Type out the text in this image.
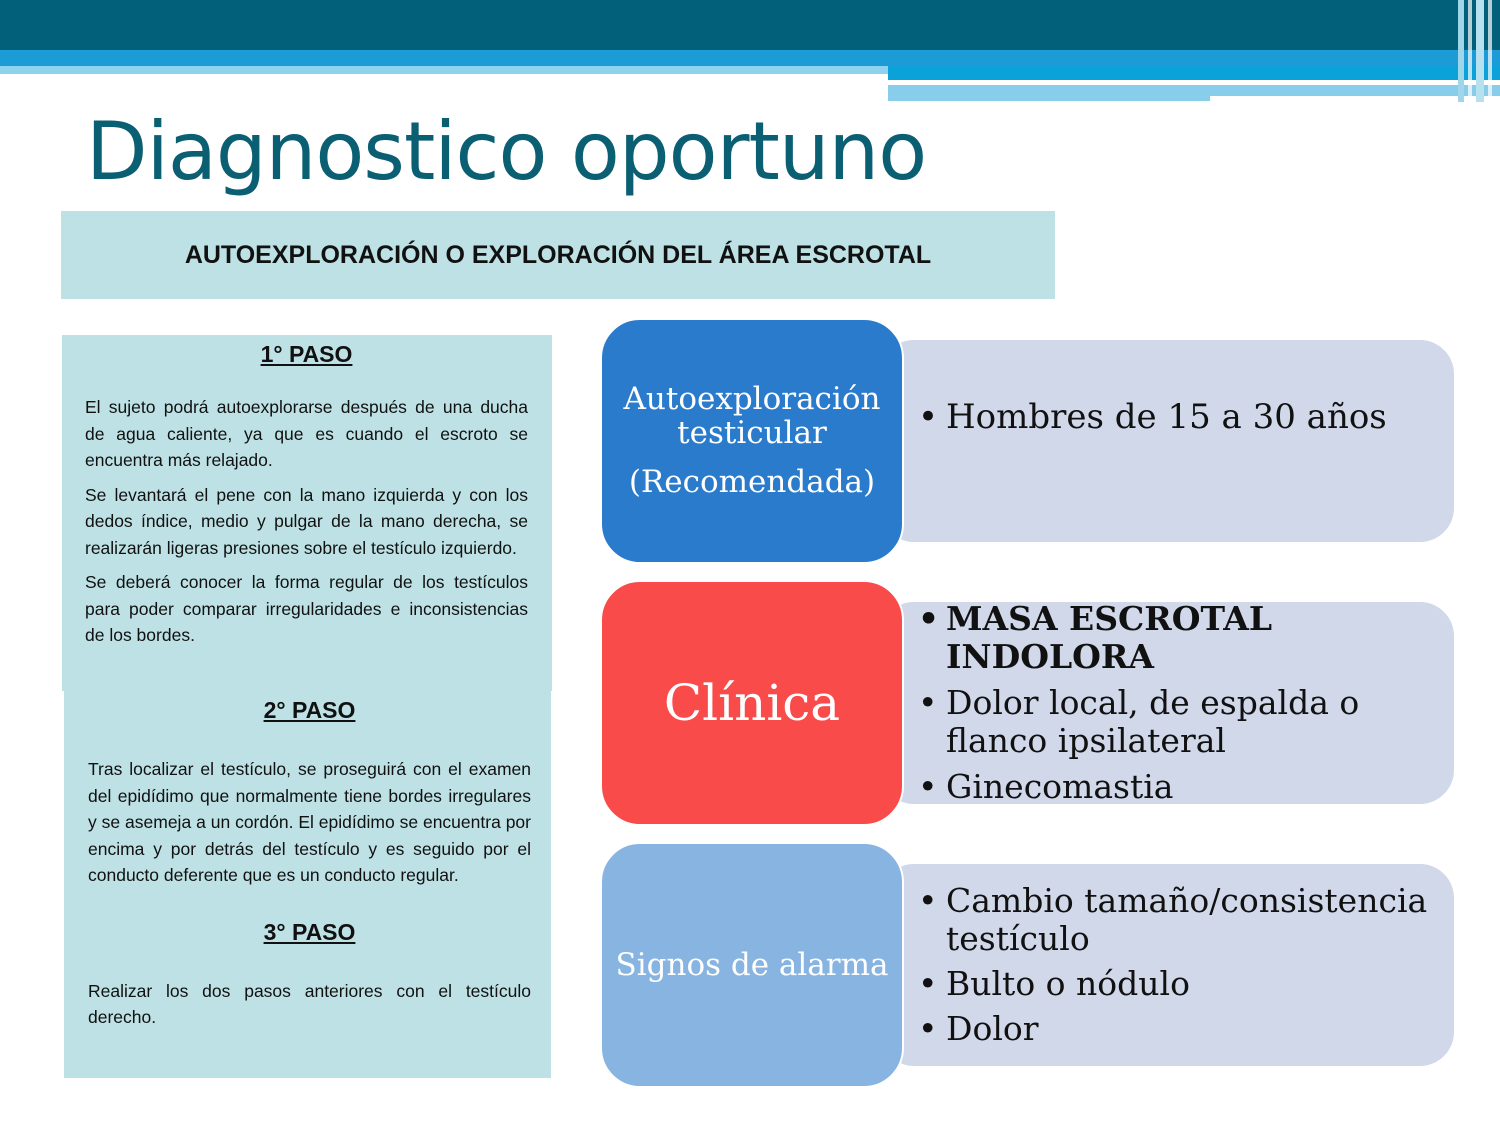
Diagnostico oportuno
AUTOEXPLORACIÓN O EXPLORACIÓN DEL ÁREA ESCROTAL

1° PASO

El sujeto podrá autoexplorarse después de una ducha de agua caliente, ya que es cuando el escroto se encuentra más relajado.

Se levantará el pene con la mano izquierda y con los dedos índice, medio y pulgar de la mano derecha, se realizarán ligeras presiones sobre el testículo izquierdo.

Se deberá conocer la forma regular de los testículos para poder comparar irregularidades e inconsistencias de los bordes.

2° PASO

Tras localizar el testículo, se proseguirá con el examen del epidídimo que normalmente tiene bordes irregulares y se asemeja a un cordón. El epidídimo se encuentra por encima y por detrás del testículo y es seguido por el conducto deferente que es un conducto regular.

3° PASO

Realizar los dos pasos anteriores con el testículo derecho.

Autoexploración
testicular
(Recomendada)
• Hombres de 15 a 30 años
Clínica
• MASA ESCROTAL INDOLORA
• Dolor local, de espalda o flanco ipsilateral
• Ginecomastia
Signos de alarma
• Cambio tamaño/consistencia testículo
• Bulto o nódulo
• Dolor
